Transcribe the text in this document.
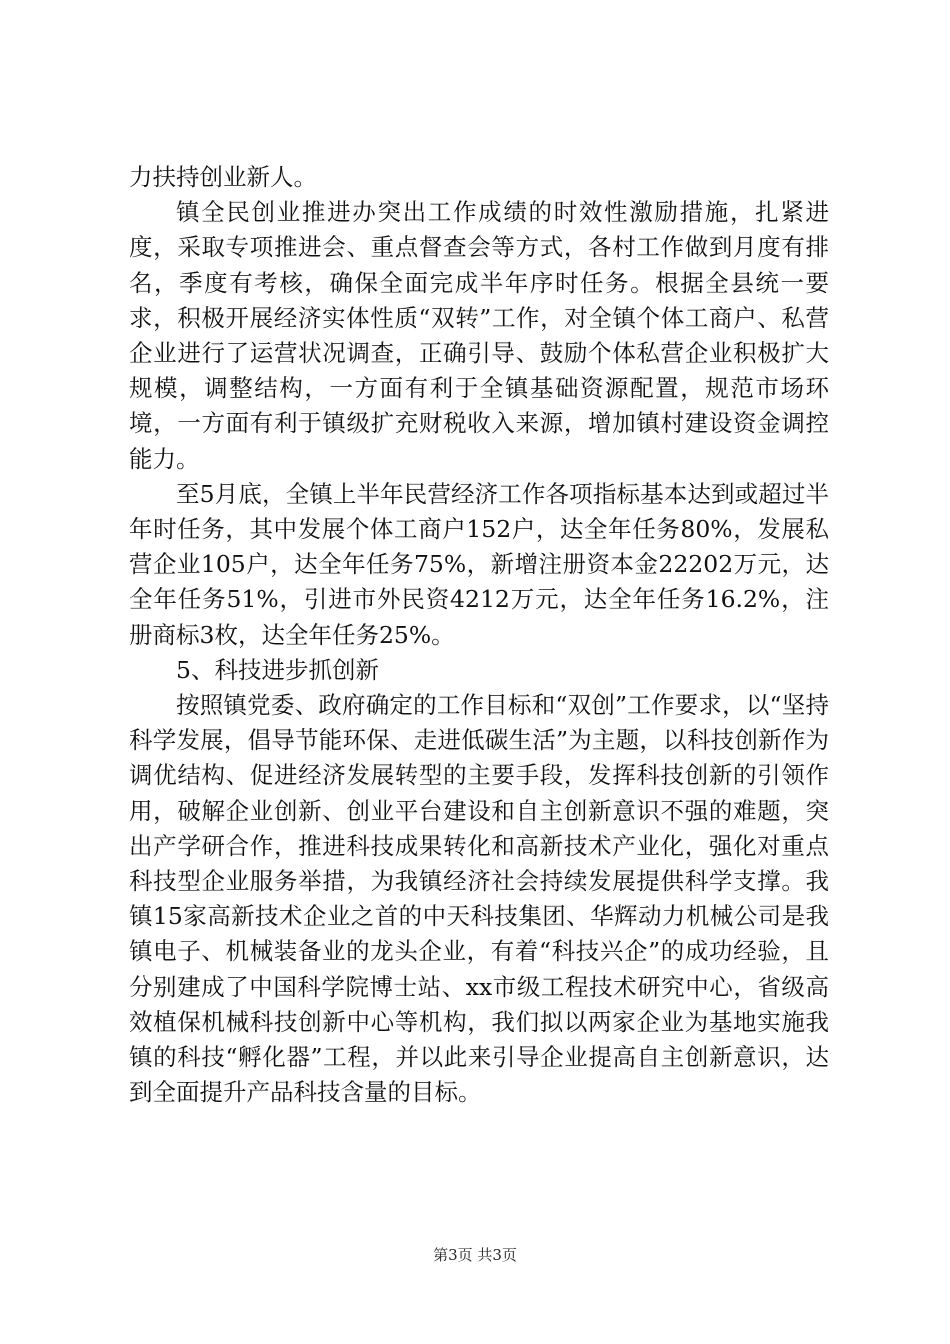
力扶持创业新人。

镇全民创业推进办突出工作成绩的时效性激励措施，扎紧进度，采取专项推进会、重点督查会等方式，各村工作做到月度有排名，季度有考核，确保全面完成半年序时任务。根据全县统一要求，积极开展经济实体性质“双转”工作，对全镇个体工商户、私营企业进行了运营状况调查，正确引导、鼓励个体私营企业积极扩大规模，调整结构，一方面有利于全镇基础资源配置，规范市场环境，一方面有利于镇级扩充财税收入来源，增加镇村建设资金调控能力。

至5月底，全镇上半年民营经济工作各项指标基本达到或超过半年时任务，其中发展个体工商户152户，达全年任务80%，发展私营企业105户，达全年任务75%，新增注册资本金22202万元，达全年任务51%，引进市外民资4212万元，达全年任务16.2%，注册商标3枚，达全年任务25%。

5、科技进步抓创新

按照镇党委、政府确定的工作目标和“双创”工作要求，以“坚持科学发展，倡导节能环保、走进低碳生活”为主题，以科技创新作为调优结构、促进经济发展转型的主要手段，发挥科技创新的引领作用，破解企业创新、创业平台建设和自主创新意识不强的难题，突出产学研合作，推进科技成果转化和高新技术产业化，强化对重点科技型企业服务举措，为我镇经济社会持续发展提供科学支撑。我镇15家高新技术企业之首的中天科技集团、华辉动力机械公司是我镇电子、机械装备业的龙头企业，有着“科技兴企”的成功经验，且分别建成了中国科学院博士站、xx市级工程技术研究中心，省级高效植保机械科技创新中心等机构，我们拟以两家企业为基地实施我镇的科技“孵化器”工程，并以此来引导企业提高自主创新意识，达到全面提升产品科技含量的目标。

第3页 共3页
